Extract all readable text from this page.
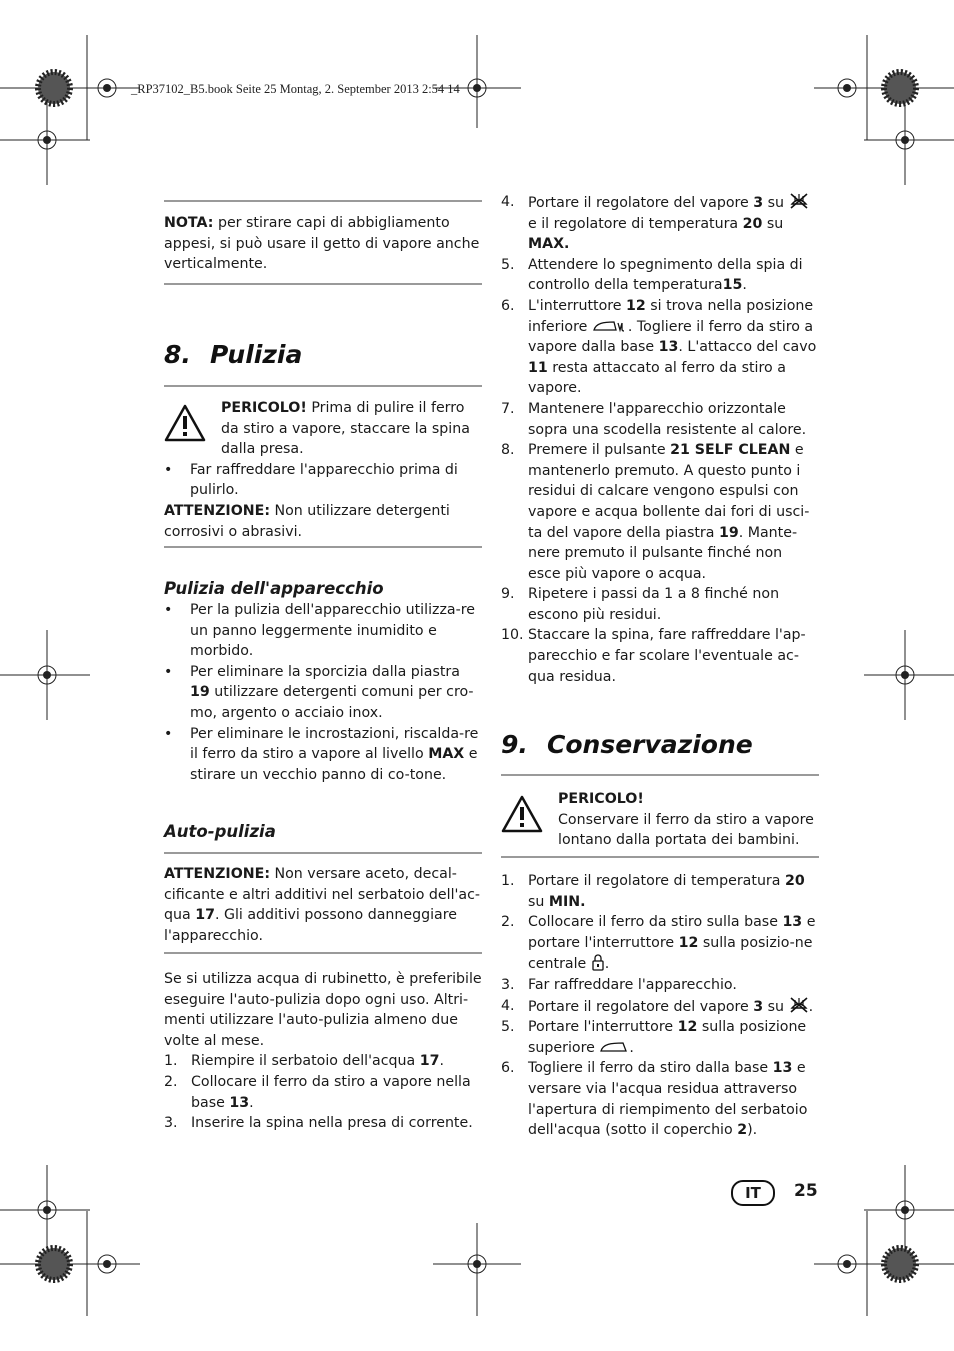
_RP37102_B5.book Seite 25 Montag, 2. September 2013 2:54 14

NOTA: per stirare capi di abbigliamento appesi, si può usare il getto di vapore anche verticalmente.

8. Pulizia

PERICOLO! Prima di pulire il ferro da stiro a vapore, staccare la spina dalla presa.

• Far raffreddare l'apparecchio prima di pulirlo.

ATTENZIONE: Non utilizzare detergenti corrosivi o abrasivi.

Pulizia dell'apparecchio
• Per la pulizia dell'apparecchio utilizza-re un panno leggermente inumidito e morbido.
• Per eliminare la sporcizia dalla piastra 19 utilizzare detergenti comuni per cro-mo, argento o acciaio inox.
• Per eliminare le incrostazioni, riscalda-re il ferro da stiro a vapore al livello MAX e stirare un vecchio panno di co-tone.
Auto-pulizia

ATTENZIONE: Non versare aceto, decal-cificante e altri additivi nel serbatoio dell'ac-qua 17. Gli additivi possono danneggiare l'apparecchio.

Se si utilizza acqua di rubinetto, è preferibile eseguire l'auto-pulizia dopo ogni uso. Altri-menti utilizzare l'auto-pulizia almeno due volte al mese.

1. Riempire il serbatoio dell'acqua 17.
2. Collocare il ferro da stiro a vapore nella base 13.
3. Inserire la spina nella presa di corrente.
4. Portare il regolatore del vapore 3 su  e il regolatore di temperatura 20 su MAX.
5. Attendere lo spegnimento della spia di controllo della temperatura15.
6. L'interruttore 12 si trova nella posizione inferiore	. Togliere il ferro da stiro a vapore dalla base 13. L'attacco del cavo 11 resta attaccato al ferro da stiro a vapore.
7. Mantenere l'apparecchio orizzontale sopra una scodella resistente al calore.
8. Premere il pulsante 21 SELF CLEAN e mantenerlo premuto. A questo punto i residui di calcare vengono espulsi con vapore e acqua bollente dai fori di usci-ta del vapore della piastra 19. Mante-nere premuto il pulsante finché non esce più vapore o acqua.
9. Ripetere i passi da 1 a 8 finché non escono più residui.
10. Staccare la spina, fare raffreddare l'ap-parecchio e far scolare l'eventuale ac-qua residua.
9. Conservazione

PERICOLO!

Conservare il ferro da stiro a vapore lontano dalla portata dei bambini.

1. Portare il regolatore di temperatura 20 su MIN.
2. Collocare il ferro da stiro sulla base 13 e portare l'interruttore 12 sulla posizio-ne centrale .
3. Far raffreddare l'apparecchio.
4. Portare il regolatore del vapore 3 su .
5. Portare l'interruttore 12 sulla posizione superiore .
6. Togliere il ferro da stiro dalla base 13 e versare via l'acqua residua attraverso l'apertura di riempimento del serbatoio dell'acqua (sotto il coperchio 2).
IT	25
